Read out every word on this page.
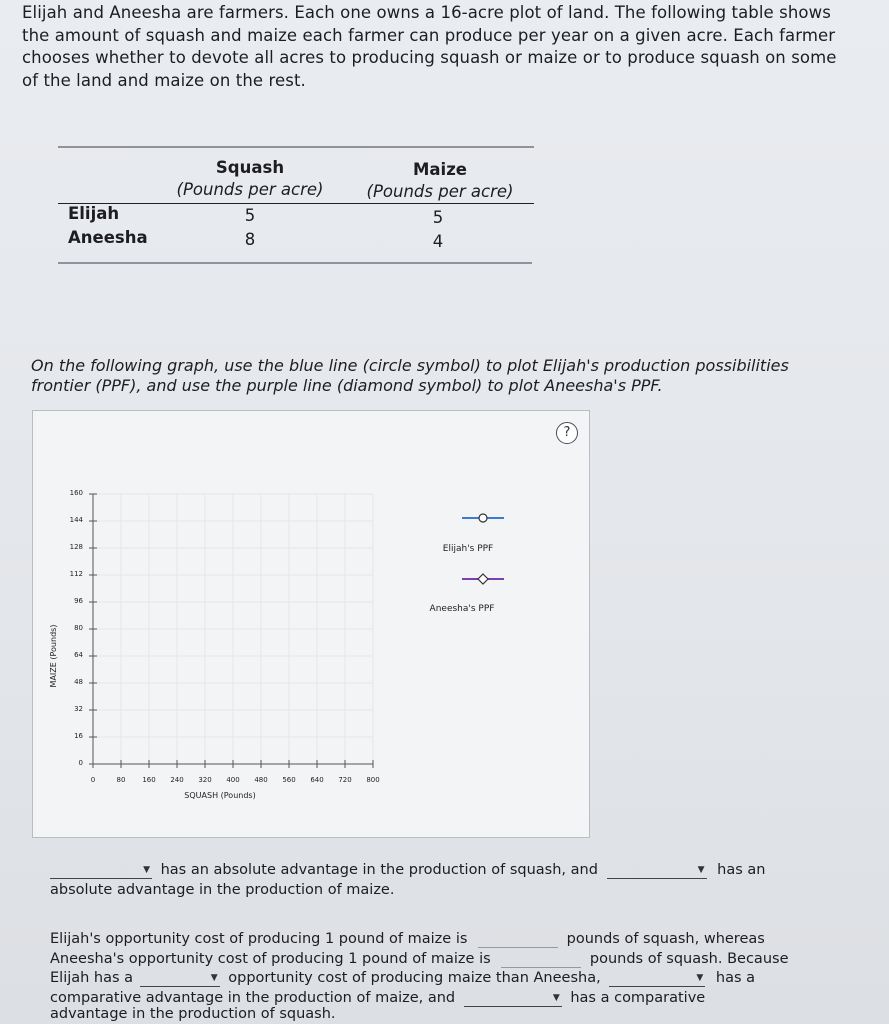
Elijah and Aneesha are farmers. Each one owns a 16-acre plot of land. The following table shows
the amount of squash and maize each farmer can produce per year on a given acre. Each farmer
chooses whether to devote all acres to producing squash or maize or to produce squash on some
of the land and maize on the rest.
Squash	Maize
(Pounds per acre)	(Pounds per acre)
Elijah	5	5
Aneesha	8	4
On the following graph, use the blue line (circle symbol) to plot Elijah's production possibilities
frontier (PPF), and use the purple line (diamond symbol) to plot Aneesha's PPF.
?
0
16
32
48
64
80
96
112
128
144
160
0	80	160	240	320	400	480	560	640	720	800
MAIZE (Pounds)
SQUASH (Pounds)
Elijah's PPF
Aneesha's PPF
▼ has an absolute advantage in the production of squash, and	▼ has an
absolute advantage in the production of maize.
Elijah's opportunity cost of producing 1 pound of maize is	pounds of squash, whereas
Aneesha's opportunity cost of producing 1 pound of maize is	pounds of squash. Because
Elijah has a	▼ opportunity cost of producing maize than Aneesha,	▼ has a
comparative advantage in the production of maize, and	▼ has a comparative
advantage in the production of squash.
